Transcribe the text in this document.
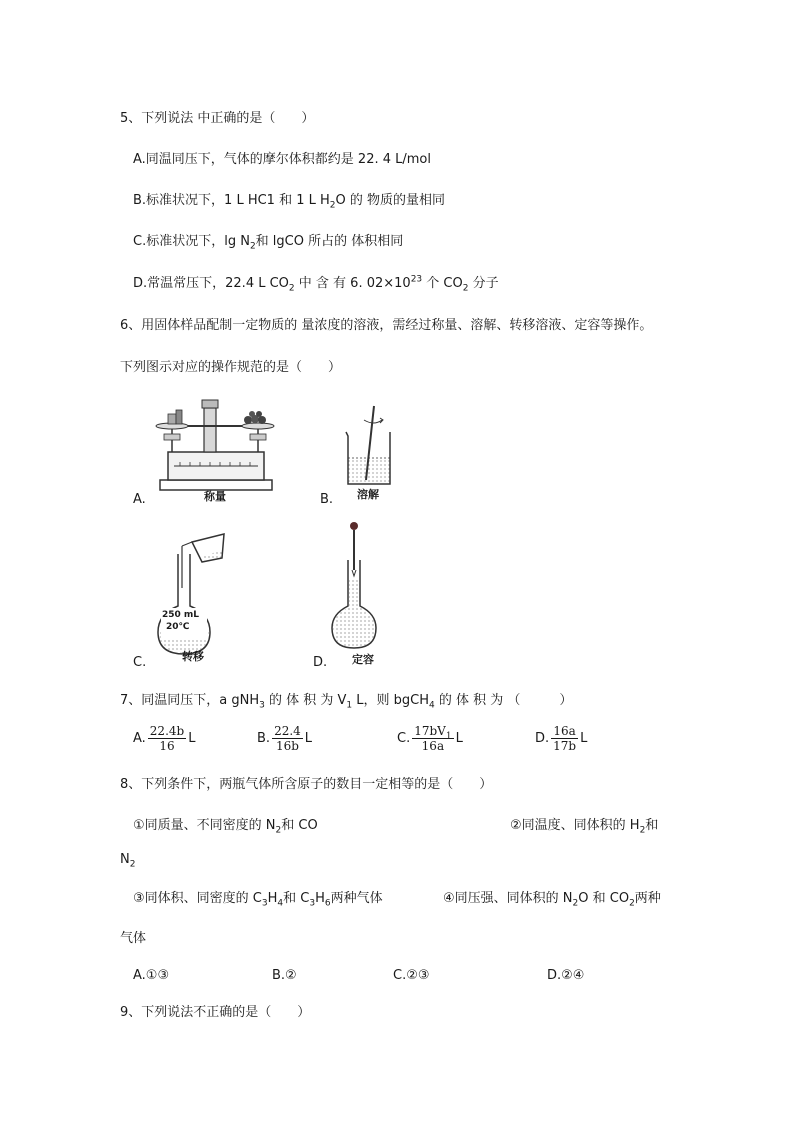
5、下列说法 中正确的是（　　）
A.同温同压下，气体的摩尔体积都约是 22. 4 L/mol
B.标准状况下，1 L HC1 和 1 L $H_2O$ 的 物质的量相同
C.标准状况下，$\lg N_2$和 lgCO 所占的 体积相同
D.常温常压下，22.4 L $CO_2$ 中 含 有 6. $02\times 10^{23}$ 个 $CO_2$ 分子
6、用固体样品配制一定物质的 量浓度的溶液，需经过称量、溶解、转移溶液、定容等操作。
下列图示对应的操作规范的是（　　）
A.	称量	B. 溶解
C.
250 mL
20℃
转移	D. 定容
7、同温同压下，a gNH$_3$ 的 体 积 为 $V_1$ L，则 bgCH$_4$ 的 体 积 为 （　　　）
A. $\frac{22.4b}{16}$ L	B. $\frac{22.4}{16b}$ L	C. $\frac{17bV_1}{16a}$ L	D. $\frac{16a}{17b}$ L
8、下列条件下，两瓶气体所含原子的数目一定相等的是（　　）
①同质量、不同密度的 $N_2$和 CO	②同温度、同体积的 $H_2$和
$N_2$
③同体积、同密度的 $C_3H_4$和 $C_3H_6$两种气体	④同压强、同体积的 $N_2O$ 和 $CO_2$两种
气体
A.①③	B.②	C.②③	D.②④
9、下列说法不正确的是（　　）
